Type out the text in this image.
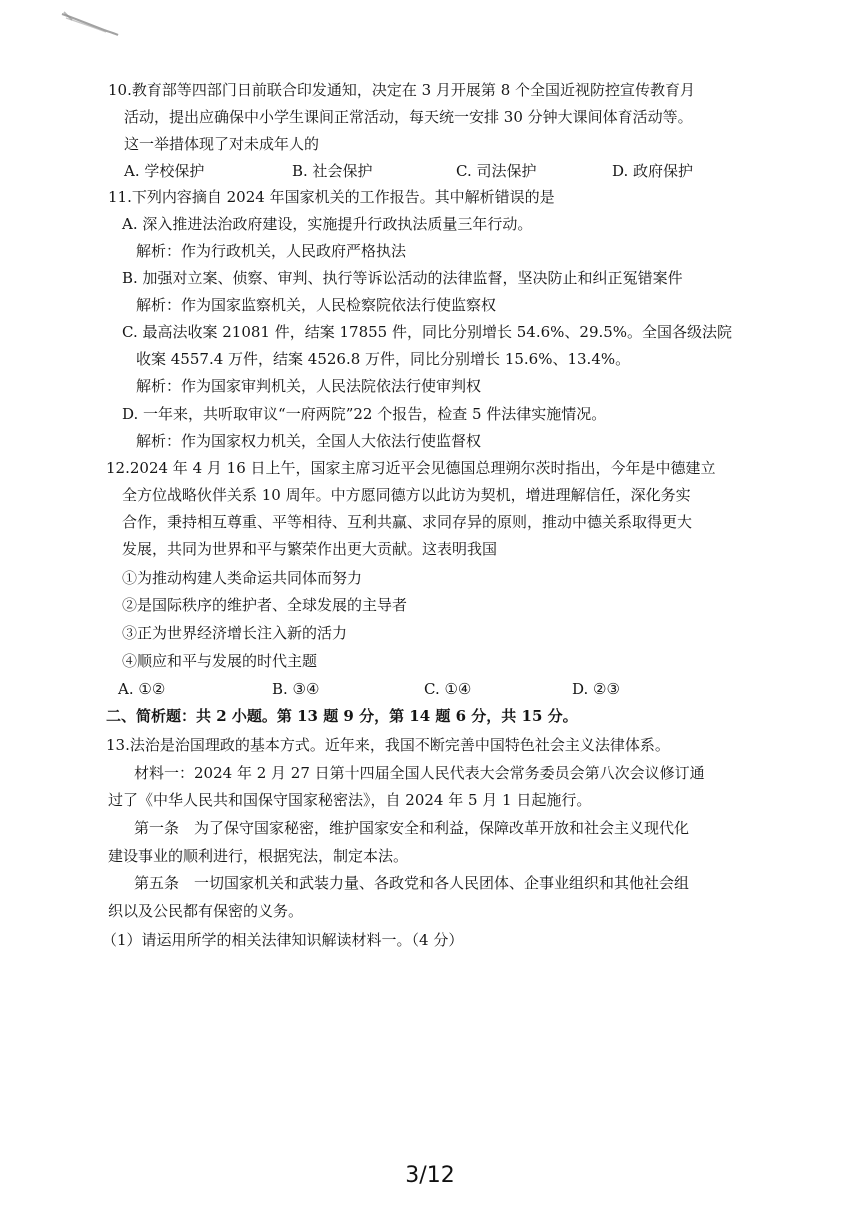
10.教育部等四部门日前联合印发通知，决定在 3 月开展第 8 个全国近视防控宣传教育月
活动，提出应确保中小学生课间正常活动，每天统一安排 30 分钟大课间体育活动等。
这一举措体现了对未成年人的
A. 学校保护	B. 社会保护	C. 司法保护	D. 政府保护
11.下列内容摘自 2024 年国家机关的工作报告。其中解析错误的是
A. 深入推进法治政府建设，实施提升行政执法质量三年行动。
解析：作为行政机关，人民政府严格执法
B. 加强对立案、侦察、审判、执行等诉讼活动的法律监督，坚决防止和纠正冤错案件
解析：作为国家监察机关，人民检察院依法行使监察权
C. 最高法收案 21081 件，结案 17855 件，同比分别增长 54.6%、29.5%。全国各级法院
收案 4557.4 万件，结案 4526.8 万件，同比分别增长 15.6%、13.4%。
解析：作为国家审判机关，人民法院依法行使审判权
D. 一年来，共听取审议“一府两院”22 个报告，检查 5 件法律实施情况。
解析：作为国家权力机关，全国人大依法行使监督权
12.2024 年 4 月 16 日上午，国家主席习近平会见德国总理朔尔茨时指出，今年是中德建立
全方位战略伙伴关系 10 周年。中方愿同德方以此访为契机，增进理解信任，深化务实
合作，秉持相互尊重、平等相待、互利共赢、求同存异的原则，推动中德关系取得更大
发展，共同为世界和平与繁荣作出更大贡献。这表明我国
①为推动构建人类命运共同体而努力
②是国际秩序的维护者、全球发展的主导者
③正为世界经济增长注入新的活力
④顺应和平与发展的时代主题
A. ①②	B. ③④	C. ①④	D. ②③
二、简析题：共 2 小题。第 13 题 9 分，第 14 题 6 分，共 15 分。
13.法治是治国理政的基本方式。近年来，我国不断完善中国特色社会主义法律体系。
材料一：2024 年 2 月 27 日第十四届全国人民代表大会常务委员会第八次会议修订通
过了《中华人民共和国保守国家秘密法》，自 2024 年 5 月 1 日起施行。
第一条　为了保守国家秘密，维护国家安全和利益，保障改革开放和社会主义现代化
建设事业的顺利进行，根据宪法，制定本法。
第五条　一切国家机关和武装力量、各政党和各人民团体、企事业组织和其他社会组
织以及公民都有保密的义务。
（1）请运用所学的相关法律知识解读材料一。（4 分）
3/12
